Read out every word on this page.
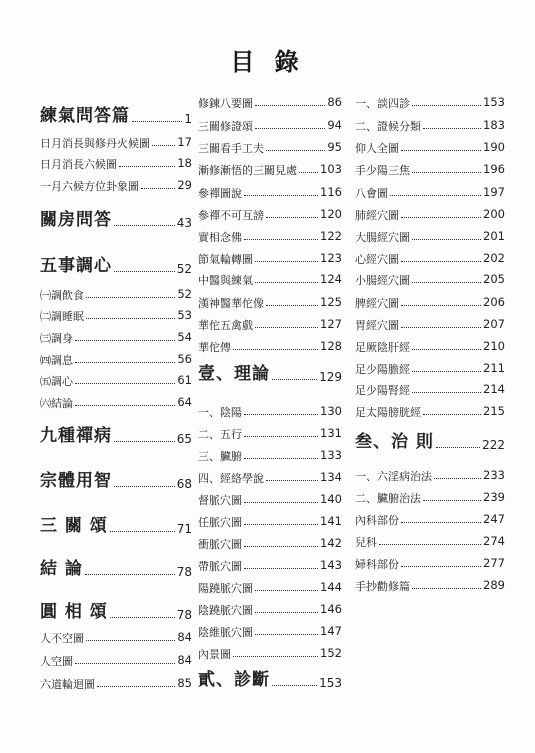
目 錄
練氣問答篇	1
日月消長與修丹火候圖 17
日月消長六候圖	18
一月六候方位卦象圖	29
關房問答	43
五事調心	52
㈠調飲食	52
㈡調睡眠	53
㈢調身	54
㈣調息	56
㈤調心	61
㈥結論	64
九種禪病	65
宗體用智	68
三 關 頌	71
結 論	78
圓 相 頌	78
人不空圖	84
人空圖	84
六道輪迴圖	85
修鍊八要圖	86
三關修證頌	94
三關看手工夫	95
漸修漸悟的三關見處 103
參禪圖說	116
參禪不可互謗	120
實相念佛	122
節氣輪轉圖	123
中醫與練氣	124
漢神醫華佗像	125
華佗五禽戲	127
華佗傳	128
壹、理論	129
一、陰陽	130
二、五行	131
三、臟腑	133
四、經絡學說	134
督脈穴圖	140
任脈穴圖	141
衝脈穴圖	142
帶脈穴圖	143
陽蹺脈穴圖	144
陰蹺脈穴圖	146
陰維脈穴圖	147
內景圖	152
貳、診斷	153
一、談四診	153
二、證候分類	183
仰人全圖	190
手少陽三焦	196
八會圖	197
肺經穴圖	200
大腸經穴圖	201
心經穴圖	202
小腸經穴圖	205
脾經穴圖	206
胃經穴圖	207
足厥陰肝經	210
足少陽膽經	211
足少陽腎經	214
足太陽膀胱經	215
叁、治 則	222
一、六淫病治法	233
二、臟腑治法	239
內科部份	247
兒科	274
婦科部份	277
手抄勸修篇	289
